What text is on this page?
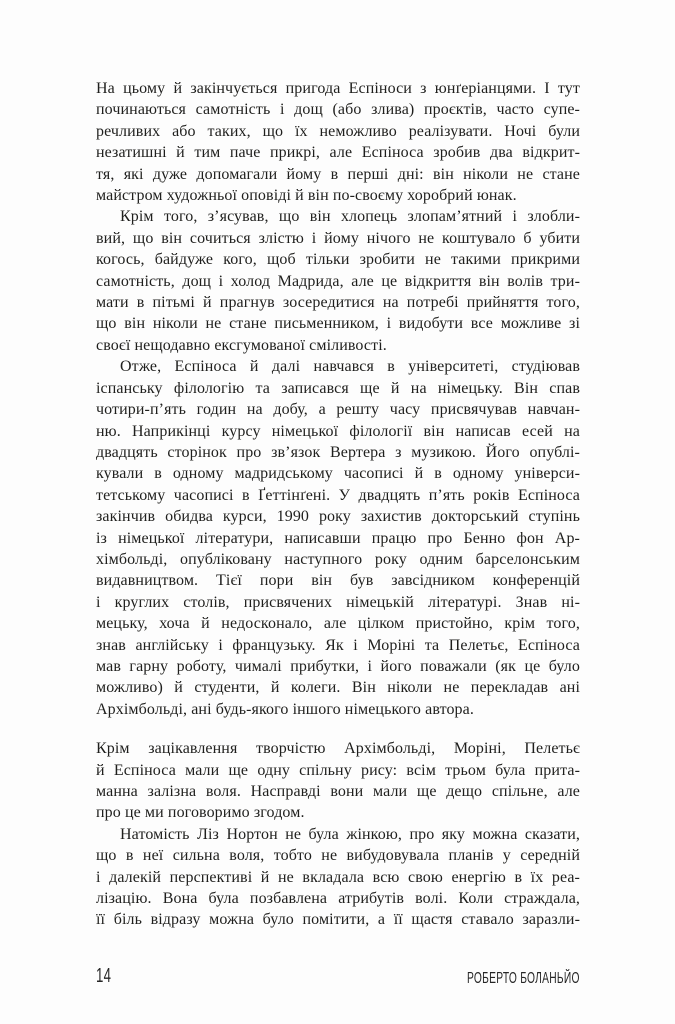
На цьому й закінчується пригода Еспіноси з юнґеріанцями. І тут
починаються самотність і дощ (або злива) проєктів, часто супе-
речливих або таких, що їх неможливо реалізувати. Ночі були
незатишні й тим паче прикрі, але Еспіноса зробив два відкрит-
тя, які дуже допомагали йому в перші дні: він ніколи не стане
майстром художньої оповіді й він по-своєму хоробрий юнак.
Крім того, з’ясував, що він хлопець злопам’ятний і злобли-
вий, що він сочиться злістю і йому нічого не коштувало б убити
когось, байдуже кого, щоб тільки зробити не такими прикрими
самотність, дощ і холод Мадрида, але це відкриття він волів три-
мати в пітьмі й прагнув зосередитися на потребі прийняття того,
що він ніколи не стане письменником, і видобути все можливе зі
своєї нещодавно ексгумованої сміливості.
Отже, Еспіноса й далі навчався в університеті, студіював
іспанську філологію та записався ще й на німецьку. Він спав
чотири-п’ять годин на добу, а решту часу присвячував навчан-
ню. Наприкінці курсу німецької філології він написав есей на
двадцять сторінок про зв’язок Вертера з музикою. Його опублі-
кували в одному мадридському часописі й в одному універси-
тетському часописі в Ґеттінґені. У двадцять п’ять років Еспіноса
закінчив обидва курси, 1990 року захистив докторський ступінь
із німецької літератури, написавши працю про Бенно фон Ар-
хімбольді, опубліковану наступного року одним барселонським
видавництвом. Тієї пори він був завсідником конференцій
і круглих столів, присвячених німецькій літературі. Знав ні-
мецьку, хоча й недосконало, але цілком пристойно, крім того,
знав англійську і французьку. Як і Моріні та Пелетьє, Еспіноса
мав гарну роботу, чималі прибутки, і його поважали (як це було
можливо) й студенти, й колеги. Він ніколи не перекладав ані
Архімбольді, ані будь-якого іншого німецького автора.
Крім зацікавлення творчістю Архімбольді, Моріні, Пелетьє
й Еспіноса мали ще одну спільну рису: всім трьом була прита-
манна залізна воля. Насправді вони мали ще дещо спільне, але
про це ми поговоримо згодом.
Натомість Ліз Нортон не була жінкою, про яку можна сказати,
що в неї сильна воля, тобто не вибудовувала планів у середній
і далекій перспективі й не вкладала всю свою енергію в їх реа-
лізацію. Вона була позбавлена атрибутів волі. Коли страждала,
її біль відразу можна було помітити, а її щастя ставало заразли-
14	РОБЕРТО БОЛАНЬЙО
